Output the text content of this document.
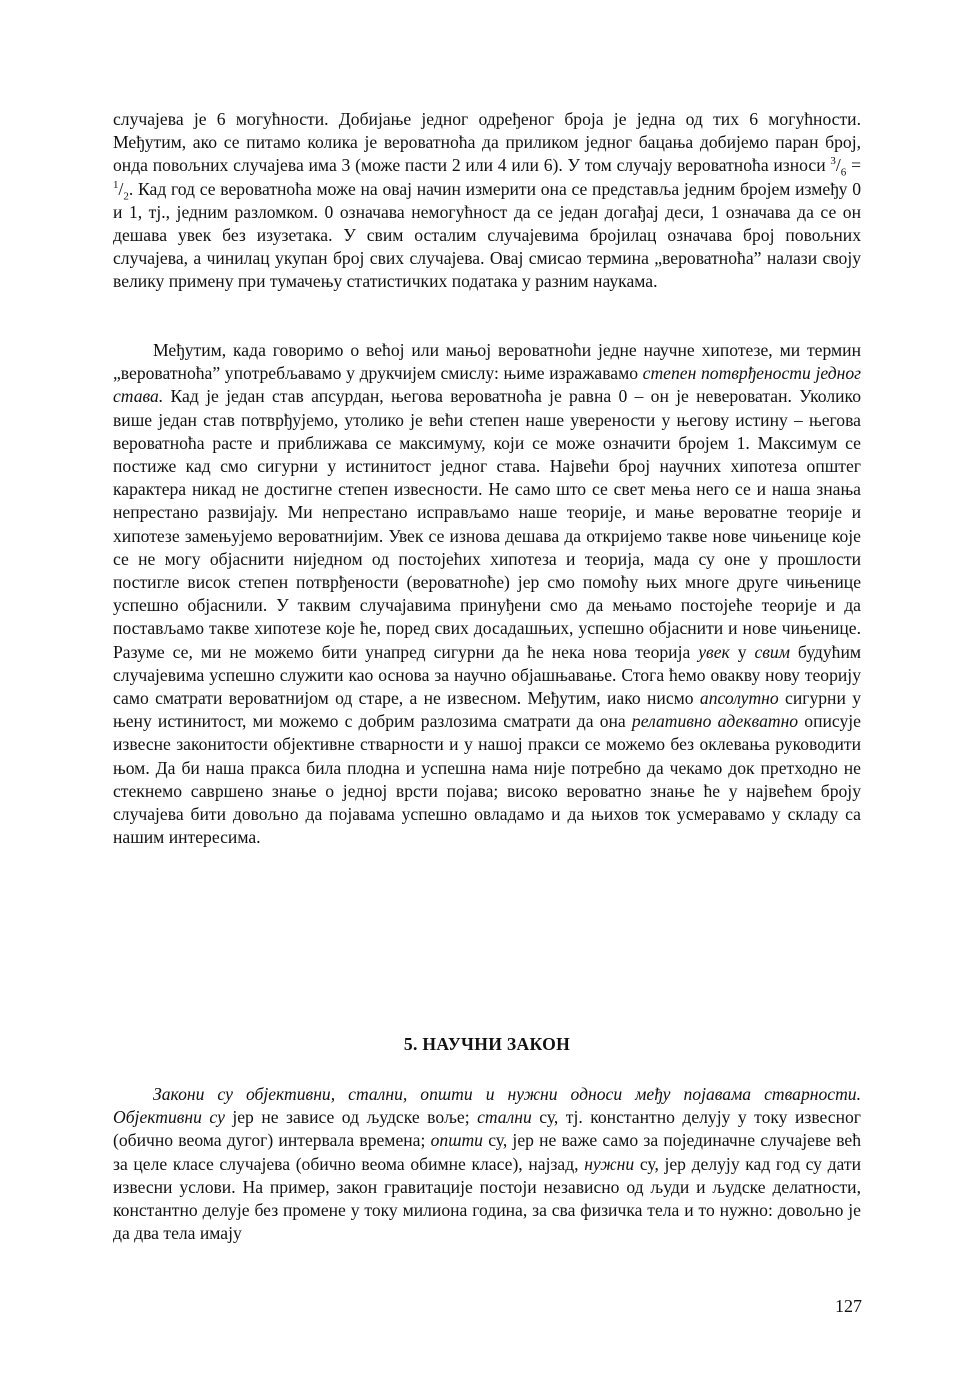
случајева је 6 могућности. Добијање једног одређеног броја је једна од тих 6 могућности. Међутим, ако се питамо колика је вероватноћа да приликом једног бацања добијемо паран број, онда повољних случајева има 3 (може пасти 2 или 4 или 6). У том случају вероватноћа износи $^3/_6 = ^1/_2$. Кад год се вероватноћа може на овај начин измерити она се представља једним бројем између 0 и 1, тј., једним разломком. 0 означава немогућност да се један догађај деси, 1 означава да се он дешава увек без изузетака. У свим осталим случајевима бројилац означава број повољних случајева, а чинилац укупан број свих случајева. Овај смисао термина „вероватноћа” налази своју велику примену при тумачењу статистичких података у разним наукама.

Међутим, када говоримо о већој или мањој вероватноћи једне научне хипотезе, ми термин „вероватноћа” употребљавамо у друкчијем смислу: њиме изражавамо степен потврђености једног става. Кад је један став апсурдан, његова вероватноћа је равна 0 – он је невероватан. Уколико више један став потврђујемо, утолико је већи степен наше уверености у његову истину – његова вероватноћа расте и приближава се максимуму, који се може означити бројем 1. Максимум се постиже кад смо сигурни у истинитост једног става. Највећи број научних хипотеза општег карактера никад не достигне степен извесности. Не само што се свет мења него се и наша знања непрестано развијају. Ми непрестано исправљамо наше теорије, и мање вероватне теорије и хипотезе замењујемо вероватнијим. Увек се изнова дешава да откријемо такве нове чињенице које се не могу објаснити ниједном од постојећих хипотеза и теорија, мада су оне у прошлости постигле висок степен потврђености (вероватноће) јер смо помоћу њих многе друге чињенице успешно објаснили. У таквим случајавима принуђени смо да мењамо постојеће теорије и да постављамо такве хипотезе које ће, поред свих досадашњих, успешно објаснити и нове чињенице. Разуме се, ми не можемо бити унапред сигурни да ће нека нова теорија увек у свим будућим случајевима успешно служити као основа за научно објашњавање. Стога ћемо овакву нову теорију само сматрати вероватнијом од старе, а не извесном. Међутим, иако нисмо апсолутно сигурни у њену истинитост, ми можемо с добрим разлозима сматрати да она релативно адекватно описује извесне законитости објективне стварности и у нашој пракси се можемо без оклевања руководити њом. Да би наша пракса била плодна и успешна нама није потребно да чекамо док претходно не стекнемо савршено знање о једној врсти појава; високо вероватно знање ће у највећем броју случајева бити довољно да појавама успешно овладамо и да њихов ток усмеравамо у складу са нашим интересима.

5. НАУЧНИ ЗАКОН

Закони су објективни, стални, општи и нужни односи међу појавама стварности. Објективни су јер не зависе од људске воље; стални су, тј. константно делују у току извесног (обично веома дугог) интервала времена; општи су, јер не важе само за појединачне случајеве већ за целе класе случајева (обично веома обимне класе), најзад, нужни су, јер делују кад год су дати извесни услови. На пример, закон гравитације постоји независно од људи и људске делатности, константно делује без промене у току милиона година, за сва физичка тела и то нужно: довољно је да два тела имају

127
